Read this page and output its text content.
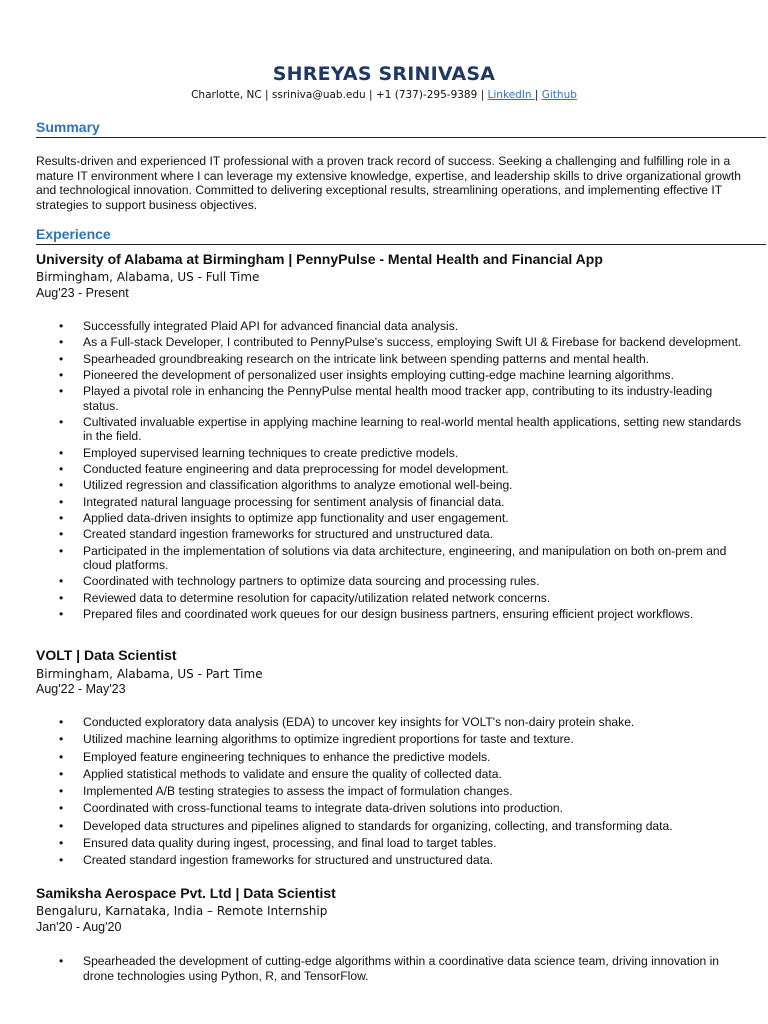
SHREYAS SRINIVASA
Charlotte, NC | ssriniva@uab.edu | +1 (737)-295-9389 | LinkedIn | Github
Summary

Results-driven and experienced IT professional with a proven track record of success. Seeking a challenging and fulfilling role in a mature IT environment where I can leverage my extensive knowledge, expertise, and leadership skills to drive organizational growth and technological innovation. Committed to delivering exceptional results, streamlining operations, and implementing effective IT strategies to support business objectives.

Experience
University of Alabama at Birmingham | PennyPulse - Mental Health and Financial App
Birmingham, Alabama, US - Full Time
Aug'23 - Present
• Successfully integrated Plaid API for advanced financial data analysis.
• As a Full-stack Developer, I contributed to PennyPulse's success, employing Swift UI & Firebase for backend development.
• Spearheaded groundbreaking research on the intricate link between spending patterns and mental health.
• Pioneered the development of personalized user insights employing cutting-edge machine learning algorithms.
• Played a pivotal role in enhancing the PennyPulse mental health mood tracker app, contributing to its industry-leading status.
• Cultivated invaluable expertise in applying machine learning to real-world mental health applications, setting new standards in the field.
• Employed supervised learning techniques to create predictive models.
• Conducted feature engineering and data preprocessing for model development.
• Utilized regression and classification algorithms to analyze emotional well-being.
• Integrated natural language processing for sentiment analysis of financial data.
• Applied data-driven insights to optimize app functionality and user engagement.
• Created standard ingestion frameworks for structured and unstructured data.
• Participated in the implementation of solutions via data architecture, engineering, and manipulation on both on-prem and cloud platforms.
• Coordinated with technology partners to optimize data sourcing and processing rules.
• Reviewed data to determine resolution for capacity/utilization related network concerns.
• Prepared files and coordinated work queues for our design business partners, ensuring efficient project workflows.
VOLT | Data Scientist
Birmingham, Alabama, US - Part Time
Aug'22 - May'23
• Conducted exploratory data analysis (EDA) to uncover key insights for VOLT's non-dairy protein shake.
• Utilized machine learning algorithms to optimize ingredient proportions for taste and texture.
• Employed feature engineering techniques to enhance the predictive models.
• Applied statistical methods to validate and ensure the quality of collected data.
• Implemented A/B testing strategies to assess the impact of formulation changes.
• Coordinated with cross-functional teams to integrate data-driven solutions into production.
• Developed data structures and pipelines aligned to standards for organizing, collecting, and transforming data.
• Ensured data quality during ingest, processing, and final load to target tables.
• Created standard ingestion frameworks for structured and unstructured data.
Samiksha Aerospace Pvt. Ltd | Data Scientist
Bengaluru, Karnataka, India – Remote Internship
Jan'20 - Aug'20
• Spearheaded the development of cutting-edge algorithms within a coordinative data science team, driving innovation in drone technologies using Python, R, and TensorFlow.
